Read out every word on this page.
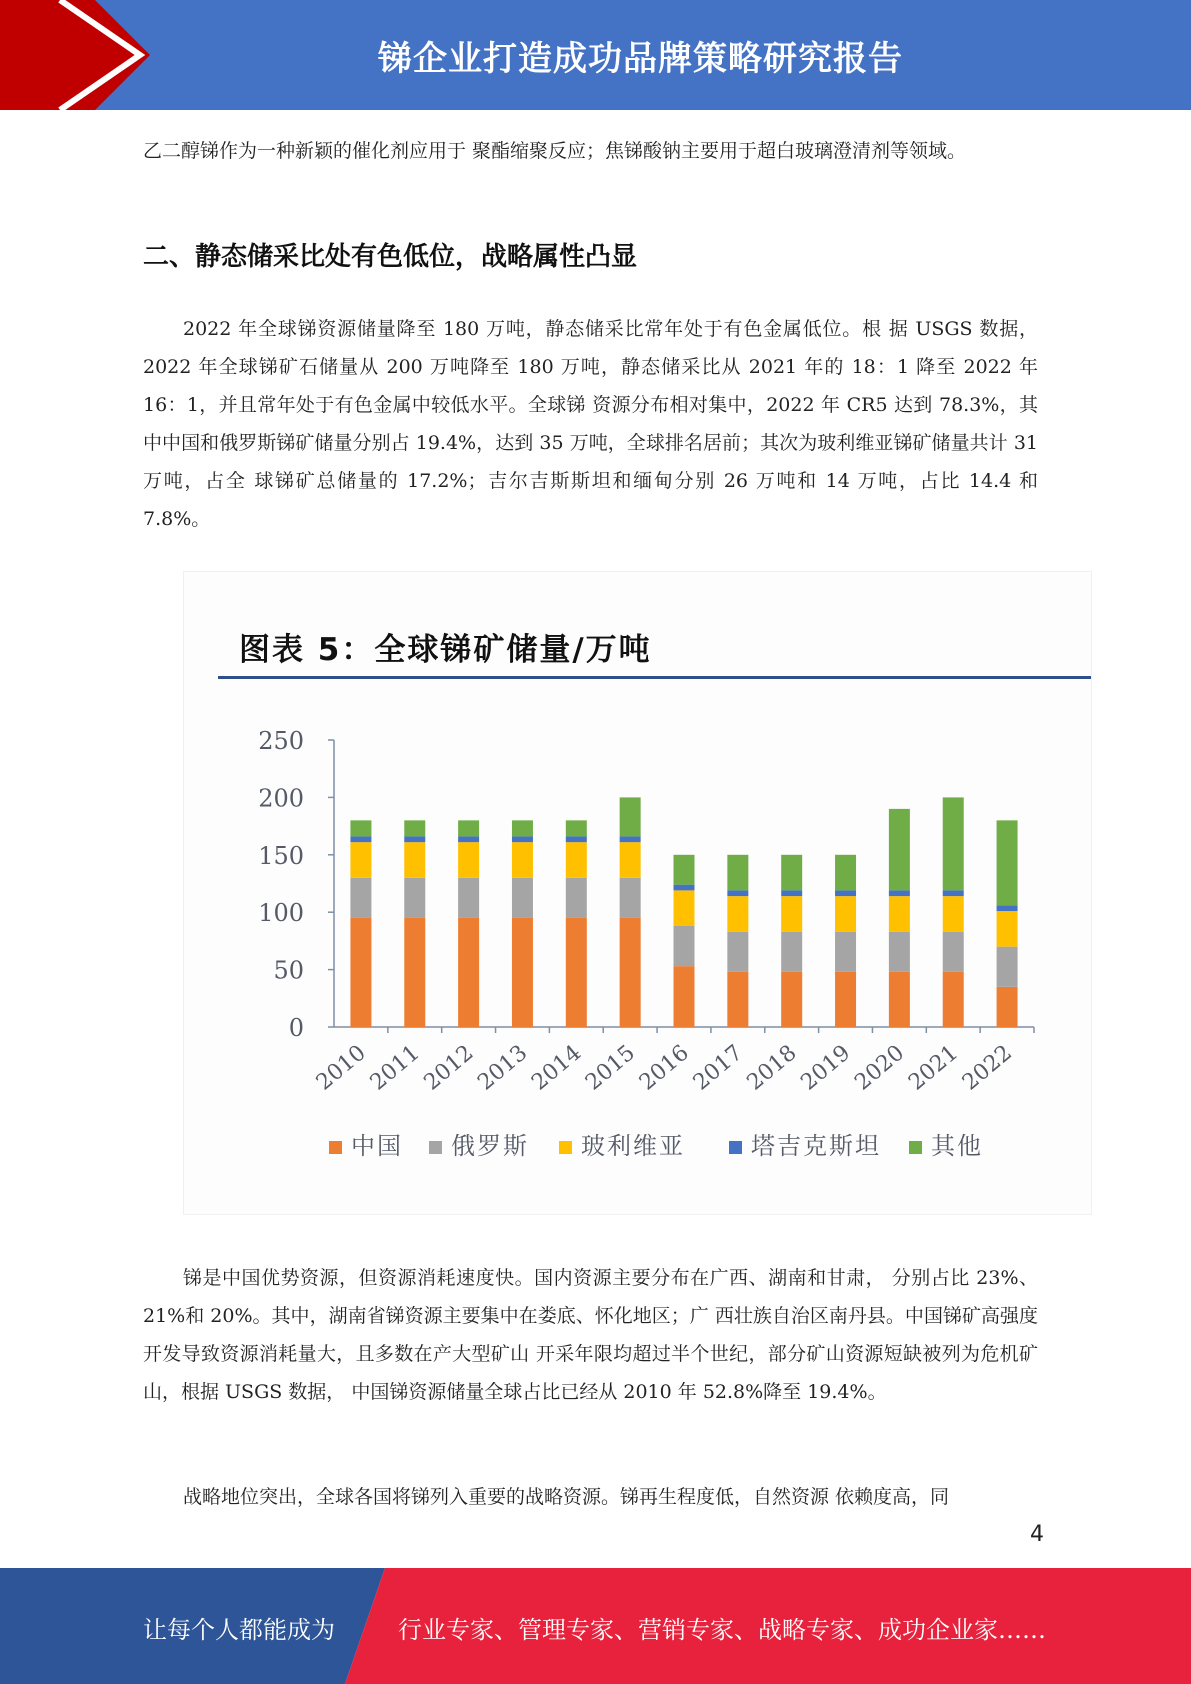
锑企业打造成功品牌策略研究报告

乙二醇锑作为一种新颖的催化剂应用于 聚酯缩聚反应；焦锑酸钠主要用于超白玻璃澄清剂等领域。

二、静态储采比处有色低位，战略属性凸显

2022 年全球锑资源储量降至 180 万吨，静态储采比常年处于有色金属低位。根 据 USGS 数据，2022 年全球锑矿石储量从 200 万吨降至 180 万吨，静态储采比从 2021 年的 18：1 降至 2022 年 16：1，并且常年处于有色金属中较低水平。全球锑 资源分布相对集中，2022 年 CR5 达到 78.3%，其中中国和俄罗斯锑矿储量分别占 19.4%，达到 35 万吨，全球排名居前；其次为玻利维亚锑矿储量共计 31 万吨，占全 球锑矿总储量的 17.2%；吉尔吉斯斯坦和缅甸分别 26 万吨和 14 万吨，占比 14.4 和 7.8%。

图表 5：全球锑矿储量/万吨
0
50
100
150
200
250
2010
2011
2012
2013
2014
2015
2016
2017
2018
2019
2020
2021
2022
中国 俄罗斯 玻利维亚	塔吉克斯坦 其他

锑是中国优势资源，但资源消耗速度快。国内资源主要分布在广西、湖南和甘肃， 分别占比 23%、21%和 20%。其中，湖南省锑资源主要集中在娄底、怀化地区；广 西壮族自治区南丹县。中国锑矿高强度开发导致资源消耗量大，且多数在产大型矿山 开采年限均超过半个世纪，部分矿山资源短缺被列为危机矿山，根据 USGS 数据， 中国锑资源储量全球占比已经从 2010 年 52.8%降至 19.4%。

战略地位突出，全球各国将锑列入重要的战略资源。锑再生程度低，自然资源 依赖度高，同

4
让每个人都能成为	行业专家、管理专家、营销专家、战略专家、成功企业家……
